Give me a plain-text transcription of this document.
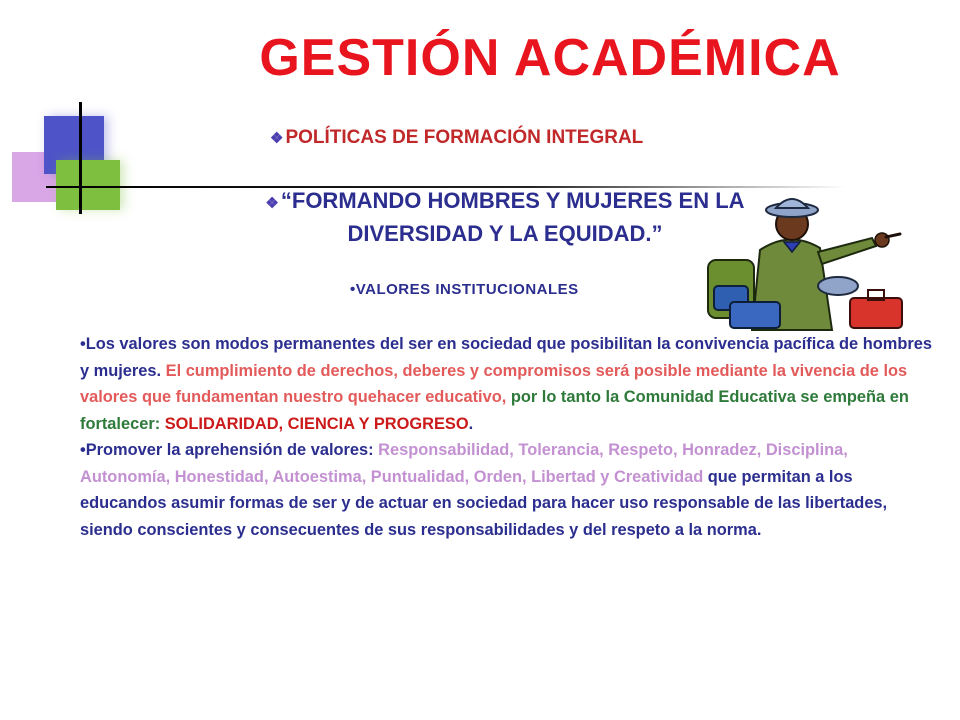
GESTIÓN ACADÉMICA
❖ POLÍTICAS DE FORMACIÓN INTEGRAL
❖“FORMANDO HOMBRES Y MUJERES EN LA
DIVERSIDAD Y LA EQUIDAD.”
•VALORES INSTITUCIONALES

•Los valores son modos permanentes del ser en sociedad que posibilitan la convivencia pacífica de hombres y mujeres. El cumplimiento de derechos, deberes y compromisos será posible mediante la vivencia de los valores que fundamentan nuestro quehacer educativo, por lo tanto la Comunidad Educativa se empeña en fortalecer: SOLIDARIDAD, CIENCIA Y PROGRESO.

•Promover la aprehensión de valores: Responsabilidad, Tolerancia, Respeto, Honradez, Disciplina, Autonomía, Honestidad, Autoestima, Puntualidad, Orden, Libertad y Creatividad que permitan a los educandos asumir formas de ser y de actuar en sociedad para hacer uso responsable de las libertades, siendo conscientes y consecuentes de sus responsabilidades y del respeto a la norma.
